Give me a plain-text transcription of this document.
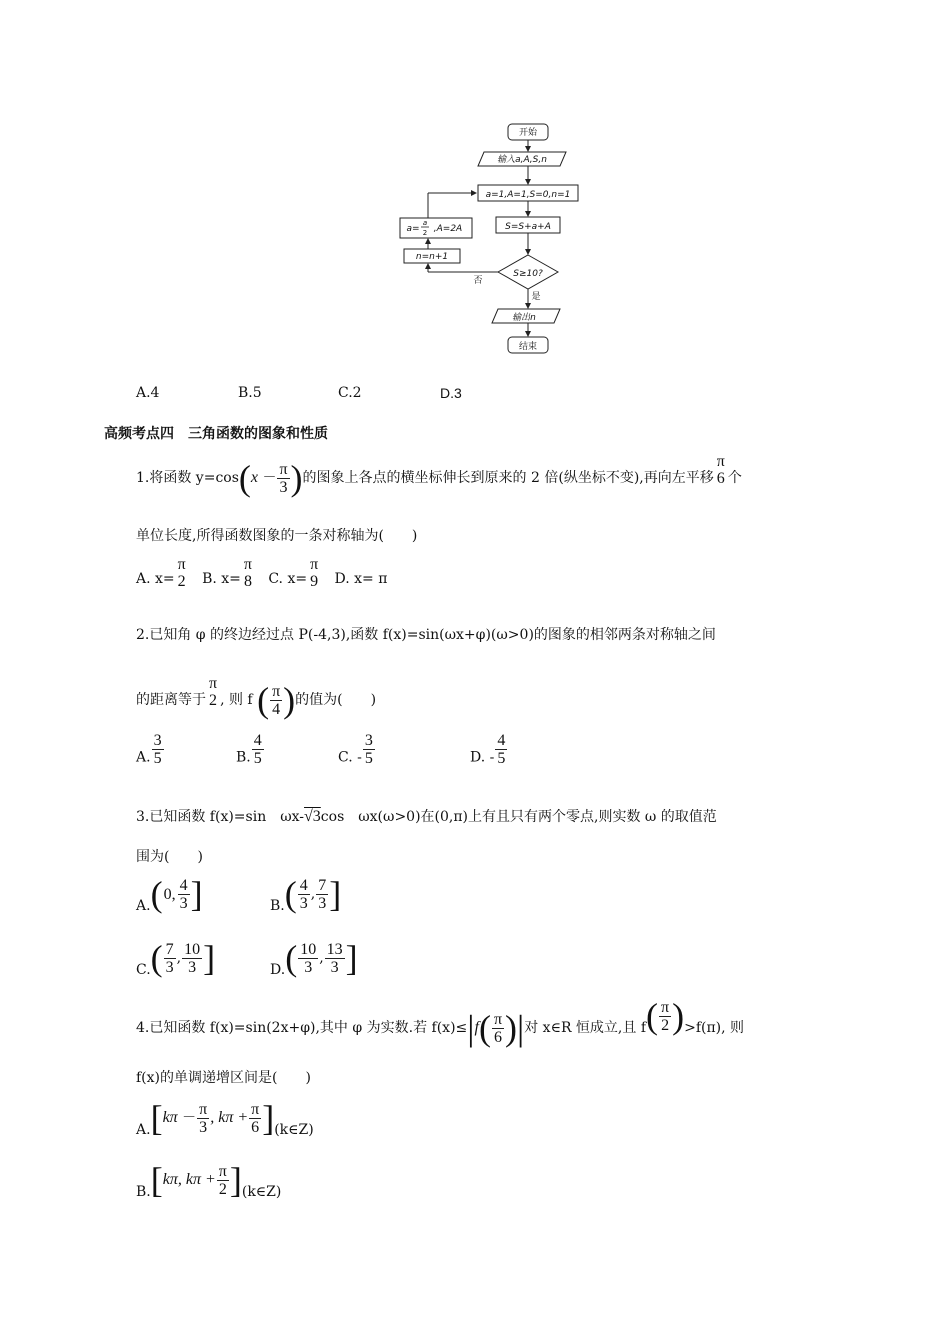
开始
输入a,A,S,n
a=1,A=1,S=0,n=1
S=S+a+A
S≥10?
n=n+1
a=
a
2 ,A=2A
否
是
输出n
结束
A.4	B.5	C.2	D.3
高频考点四　三角函数的图象和性质
1.将函数 $y=\cos(x - \frac{\pi}{3}$ )的图象上各点的横坐标伸长到原来的 2 倍(纵坐标不变),再向左平移
π
6 个
单位长度,所得函数图象的一条对称轴为(　　)
A. x=
π
2 B. x=
π
8 C. x=
π
9 D. x= π
2.已知角 φ 的终边经过点 P(-4,3),函数 f(x)=sin(ωx+φ)(ω>0)的图象的相邻两条对称轴之间
的距离等于
π
2 , 则 f ( $\frac{\pi}{4}$ )的值为(　　)
A. $\frac{3}{5}$	B. $\frac{4}{5}$	C. - $\frac{3}{5}$	D. - $\frac{4}{5}$
3.已知函数 f(x)=sin　ωx-√3cos　ωx(ω>0)在(0,π)上有且只有两个零点,则实数 ω 的取值范
围为(　　)
A.(0, $\frac{4}{3}$ ]	$B.( \frac{4}{3}$ , $\frac{7}{3}$ ]
$C.( \frac{7}{3}$ , $\frac{10}{3}$ ]	$D.( \frac{10}{3}$ , $\frac{13}{3}$ ]
4.已知函数 f(x)=sin(2x+φ),其中 φ 为实数.若 $f(x)\le|f( \frac{\pi}{6}$ )|对 x∈R 恒成立,且 $f( \frac{\pi}{2} )>f(\pi)$, 则
f(x)的单调递增区间是(　　)
$A.[k\pi - \frac{\pi}{3}$ , $k\pi + \frac{\pi}{6}$ ](k∈Z)
B.[kπ, $k\pi + \frac{\pi}{2}$ ](k∈Z)
